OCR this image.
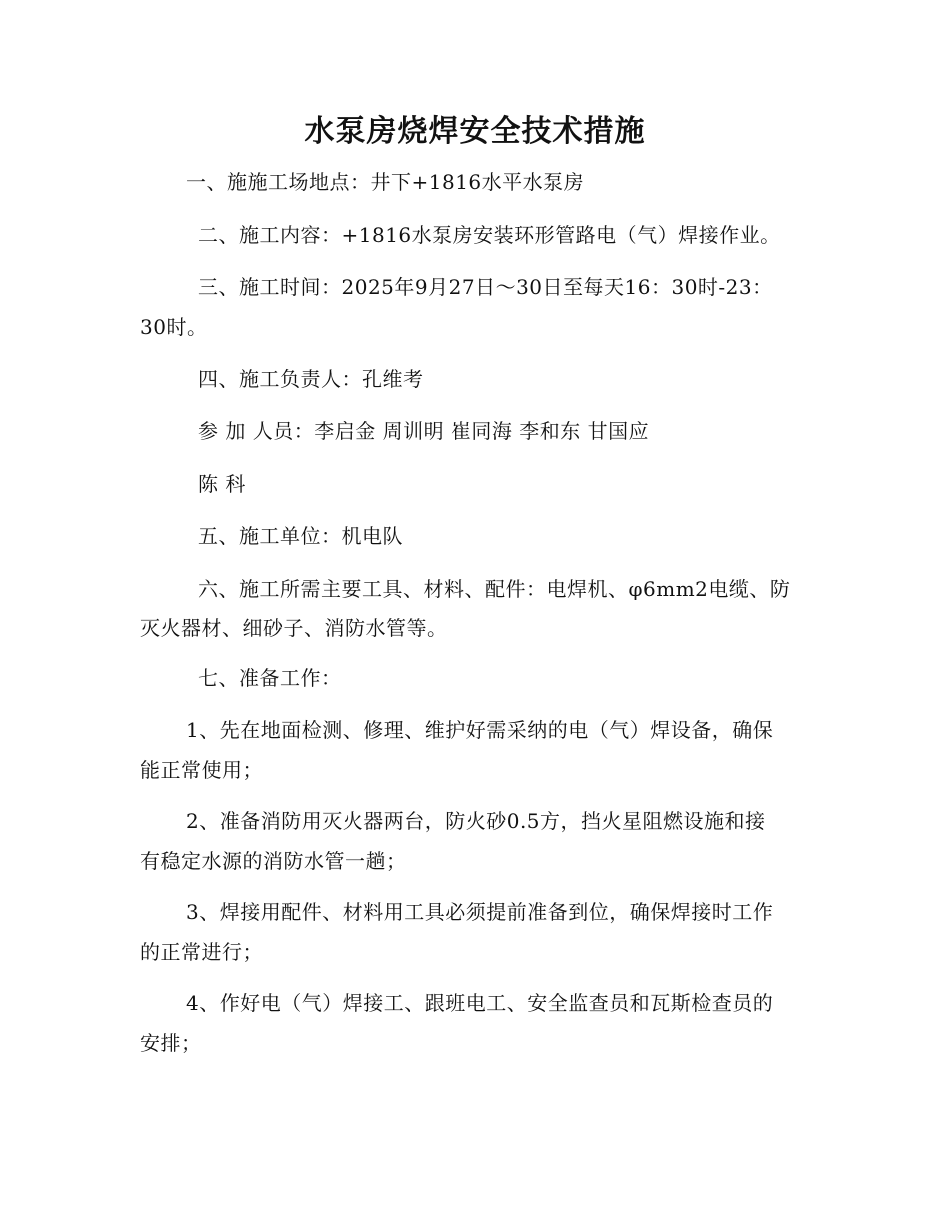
水泵房烧焊安全技术措施
一、施施工场地点：井下+1816水平水泵房
二、施工内容：+1816水泵房安装环形管路电（气）焊接作业。
三、施工时间：2025年9月27日～30日至每天16：30时-23：
30时。
四、施工负责人：孔维考
参 加 人员：李启金 周训明 崔同海 李和东 甘国应
陈 科
五、施工单位：机电队
六、施工所需主要工具、材料、配件：电焊机、φ6mm2电缆、防
灭火器材、细砂子、消防水管等。
七、准备工作：
1、先在地面检测、修理、维护好需采纳的电（气）焊设备，确保
能正常使用；
2、准备消防用灭火器两台，防火砂0.5方，挡火星阻燃设施和接
有稳定水源的消防水管一趟；
3、焊接用配件、材料用工具必须提前准备到位，确保焊接时工作
的正常进行；
4、作好电（气）焊接工、跟班电工、安全监查员和瓦斯检查员的
安排；
